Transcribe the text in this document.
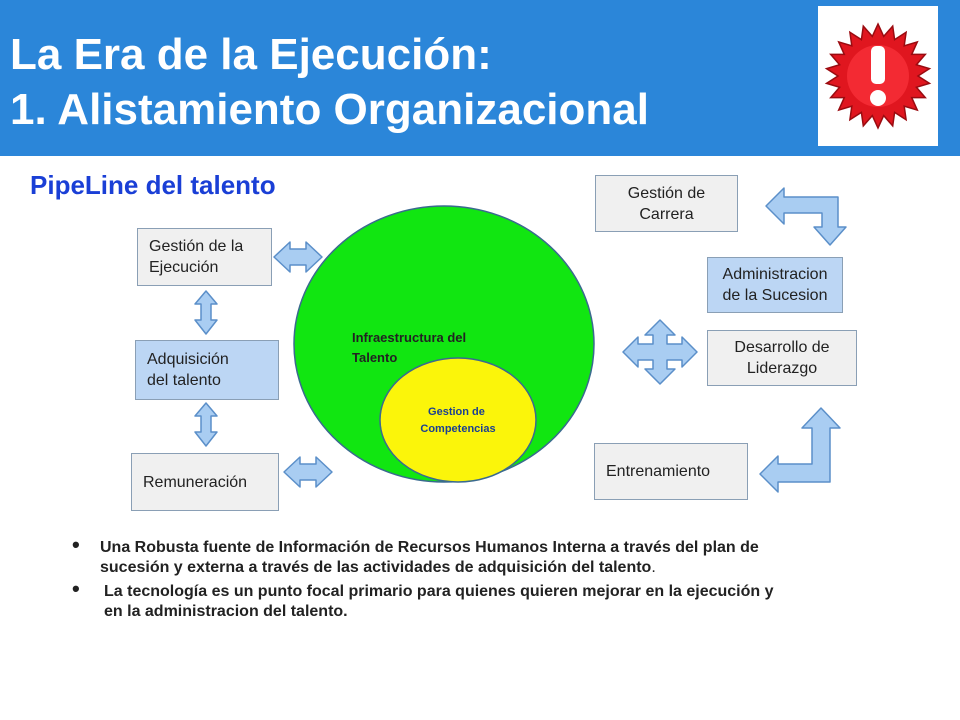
La Era de la Ejecución:
1. Alistamiento Organizacional
PipeLine del talento
Infraestructura del Talento
Gestion de Competencias
Gestión de la
Ejecución
Adquisición
del talento
Remuneración
Gestión de
Carrera
Administracion
de la Sucesion
Desarrollo de
Liderazgo
Entrenamiento
• Una Robusta fuente de Información de Recursos Humanos Interna a través del plan de
sucesión y externa a través de las actividades de adquisición del talento.
• La tecnología es un punto focal primario para quienes quieren mejorar en la ejecución y
en la administracion del talento.
